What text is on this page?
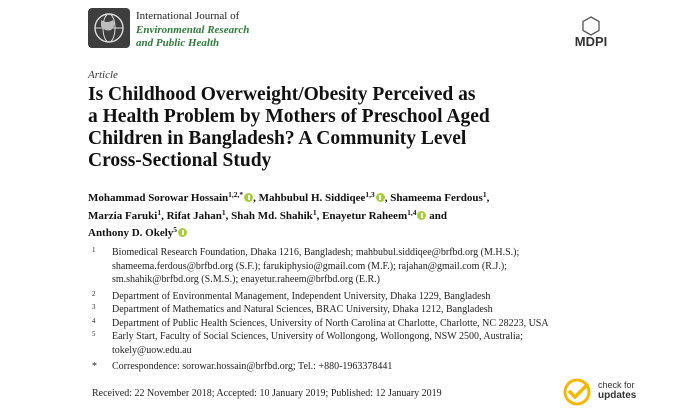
International Journal of
Environmental Research
and Public Health	MDPI
Article
Is Childhood Overweight/Obesity Perceived as
a Health Problem by Mothers of Preschool Aged
Children in Bangladesh? A Community Level
Cross-Sectional Study
Mohammad Sorowar Hossain$^{1,2,*}$ , Mahbubul H. Siddiqee$^{1,3}$ , Shameema Ferdous$^1$,
Marzia Faruki$^1$, Rifat Jahan$^1$, Shah Md. Shahik$^1$, Enayetur Raheem$^{1,4}$ and
Anthony D. Okely$^5$
1 Biomedical Research Foundation, Dhaka 1216, Bangladesh; mahbubul.siddiqee@brfbd.org (M.H.S.);
shameema.ferdous@brfbd.org (S.F.); farukiphysio@gmail.com (M.F.); rajahan@gmail.com (R.J.);
sm.shahik@brfbd.org (S.M.S.); enayetur.raheem@brfbd.org (E.R.)
2 Department of Environmental Management, Independent University, Dhaka 1229, Bangladesh
3 Department of Mathematics and Natural Sciences, BRAC University, Dhaka 1212, Bangladesh
4 Department of Public Health Sciences, University of North Carolina at Charlotte, Charlotte, NC 28223, USA
5 Early Start, Faculty of Social Sciences, University of Wollongong, Wollongong, NSW 2500, Australia;
tokely@uow.edu.au
* Correspondence: sorowar.hossain@brfbd.org; Tel.: +880-1963378441
check for
updates
Received: 22 November 2018; Accepted: 10 January 2019; Published: 12 January 2019
